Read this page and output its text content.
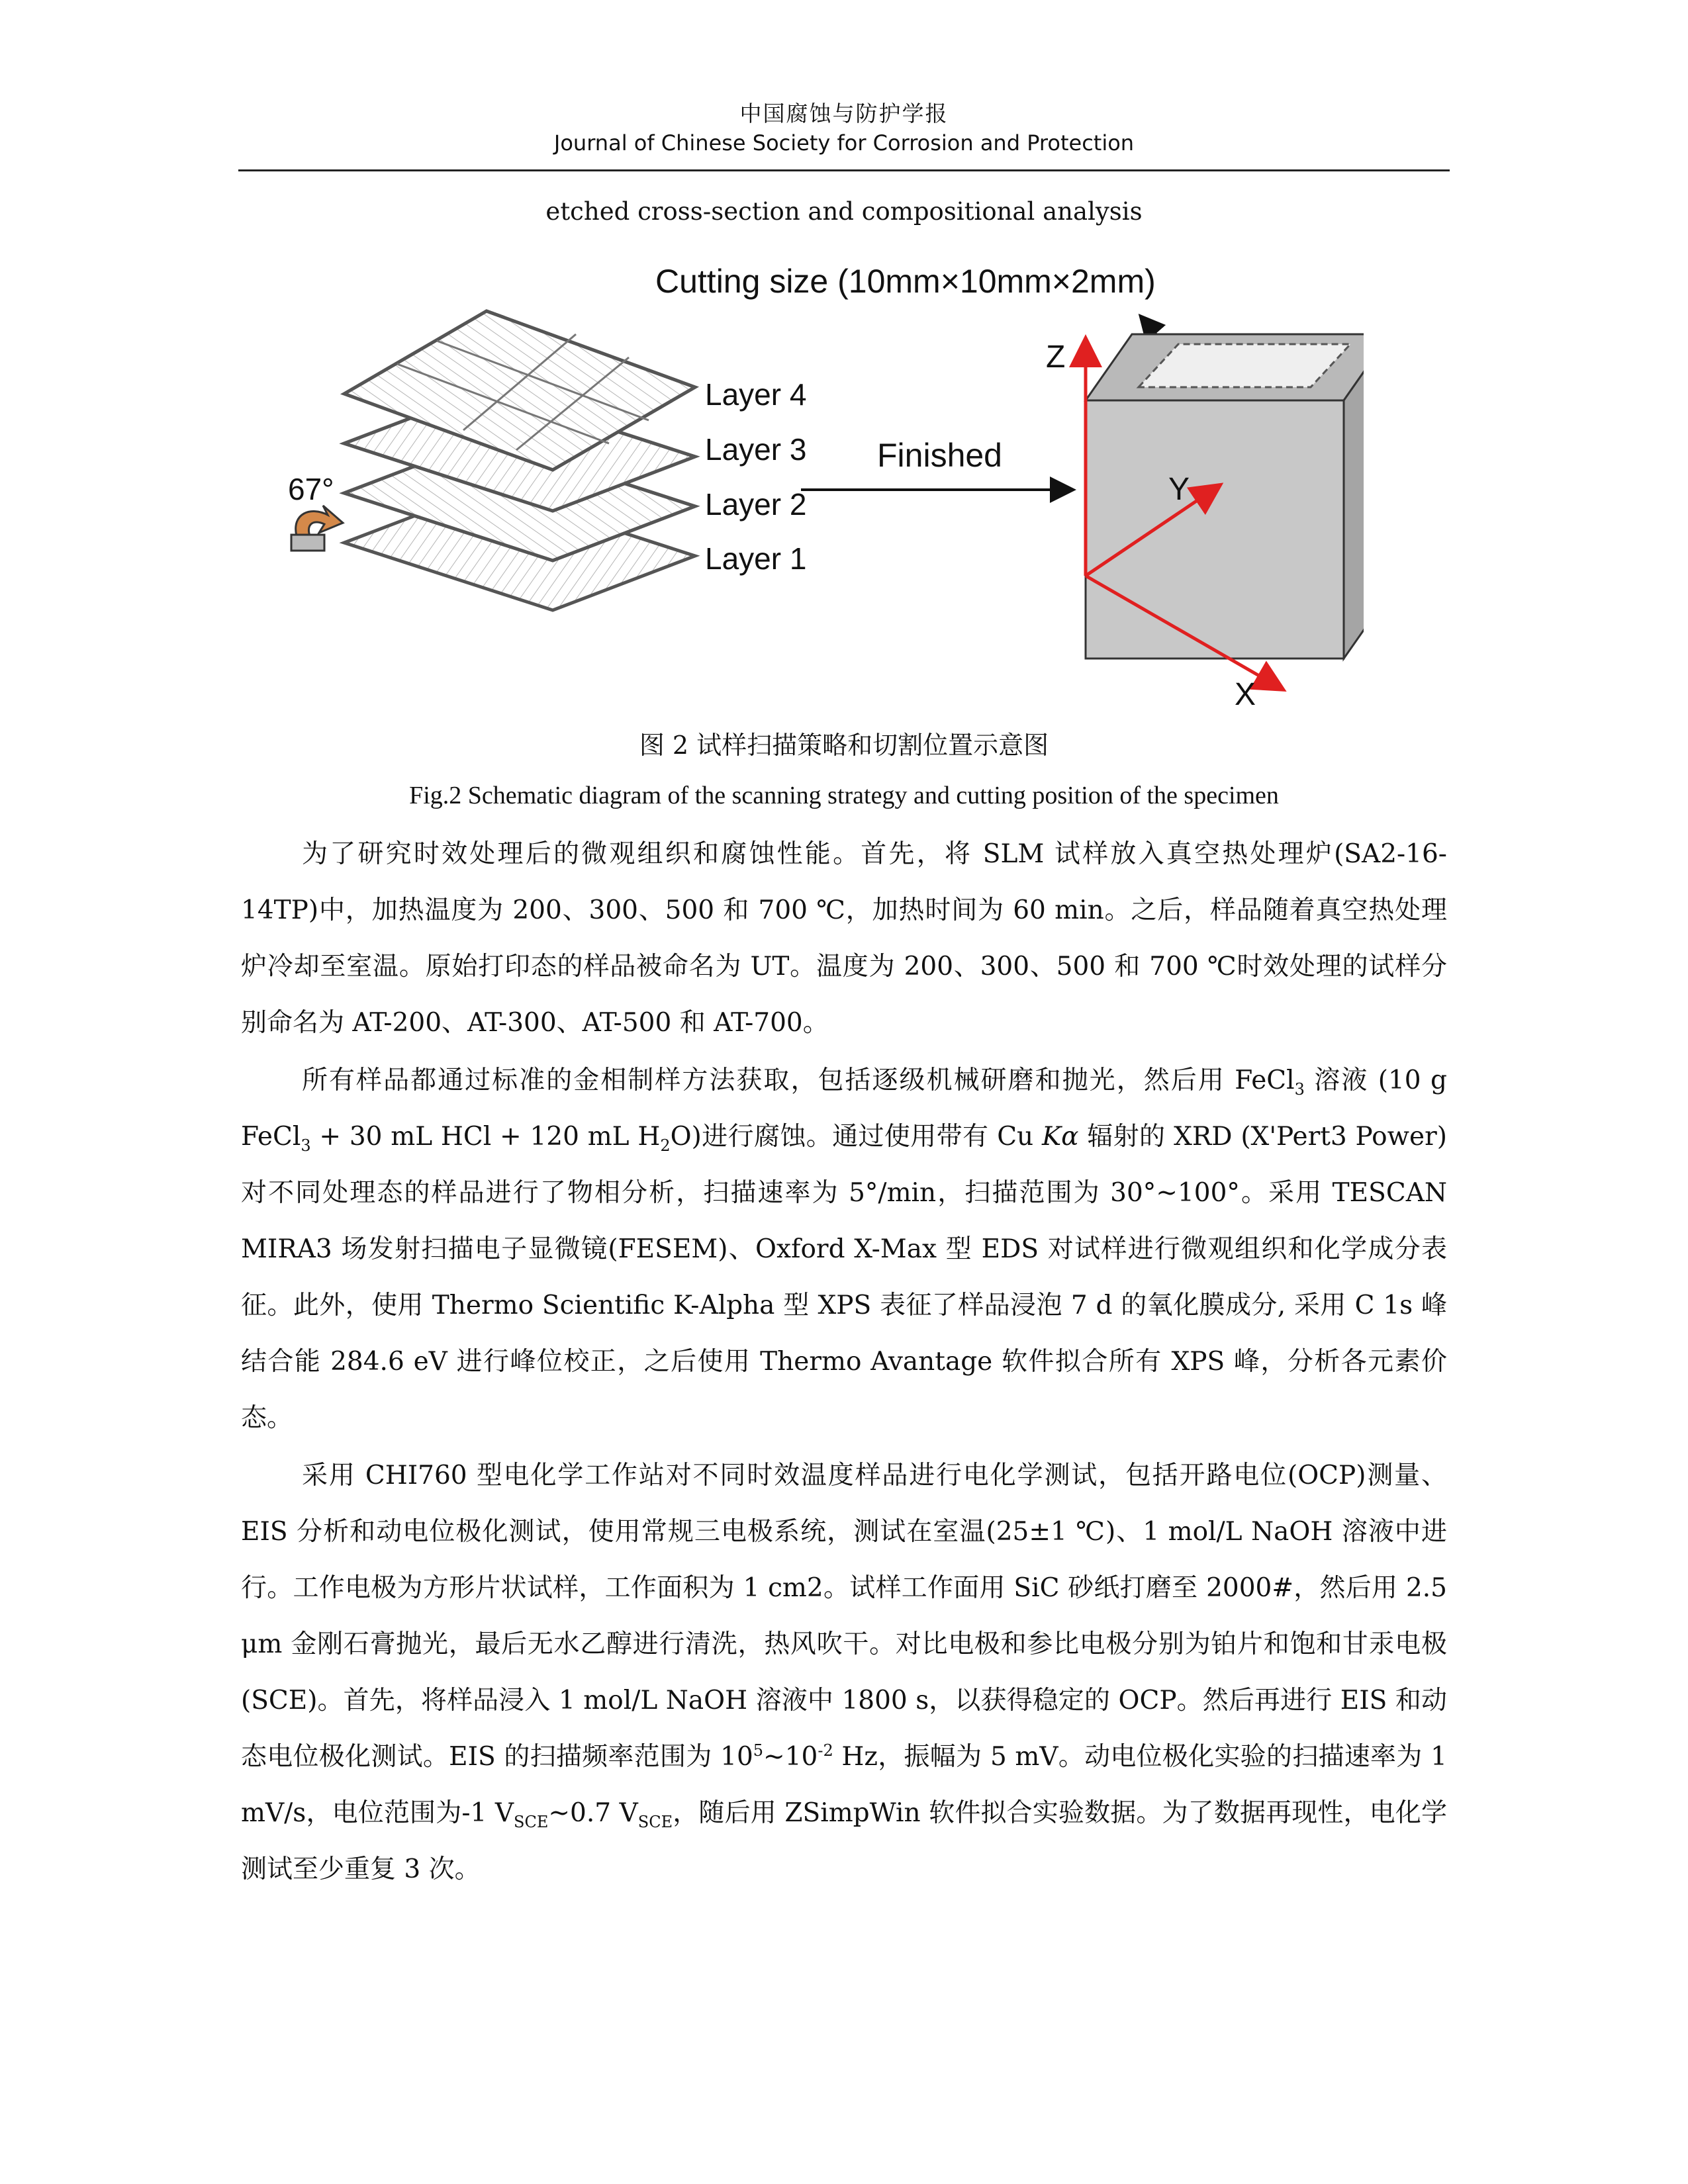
中国腐蚀与防护学报
Journal of Chinese Society for Corrosion and Protection
etched cross-section and compositional analysis
Layer 4
Layer 3
Layer 2
Layer 1
67°
Finished
Cutting size (10mm×10mm×2mm)
Z
Y
X
图 2 试样扫描策略和切割位置示意图
Fig.2 Schematic diagram of the scanning strategy and cutting position of the specimen

为了研究时效处理后的微观组织和腐蚀性能。首先，将 SLM 试样放入真空热处理炉(SA2-16-14TP)中，加热温度为 200、300、500 和 700 ℃，加热时间为 60 min。之后，样品随着真空热处理炉冷却至室温。原始打印态的样品被命名为 UT。温度为 200、300、500 和 700 ℃时效处理的试样分别命名为 AT-200、AT-300、AT-500 和 AT-700。

所有样品都通过标准的金相制样方法获取，包括逐级机械研磨和抛光，然后用 FeCl$_3$ 溶液 (10 g FeCl$_3$ + 30 mL HCl + 120 mL $H_2O$)进行腐蚀。通过使用带有 Cu Kα 辐射的 XRD (X'Pert3 Power)对不同处理态的样品进行了物相分析，扫描速率为 5°/min，扫描范围为 30°~100°。采用 TESCAN MIRA3 场发射扫描电子显微镜(FESEM)、Oxford X-Max 型 EDS 对试样进行微观组织和化学成分表征。此外，使用 Thermo Scientific K-Alpha 型 XPS 表征了样品浸泡 7 d 的氧化膜成分, 采用 C 1s 峰结合能 284.6 eV 进行峰位校正，之后使用 Thermo Avantage 软件拟合所有 XPS 峰，分析各元素价态。

采用 CHI760 型电化学工作站对不同时效温度样品进行电化学测试，包括开路电位(OCP)测量、EIS 分析和动电位极化测试，使用常规三电极系统，测试在室温(25±1 ℃)、1 mol/L NaOH 溶液中进行。工作电极为方形片状试样，工作面积为 1 cm2。试样工作面用 SiC 砂纸打磨至 2000#，然后用 2.5 μm 金刚石膏抛光，最后无水乙醇进行清洗，热风吹干。对比电极和参比电极分别为铂片和饱和甘汞电极(SCE)。首先，将样品浸入 1 mol/L NaOH 溶液中 1800 s，以获得稳定的 OCP。然后再进行 EIS 和动态电位极化测试。EIS 的扫描频率范围为 $10^5\sim 10^{-2}$ Hz，振幅为 5 mV。动电位极化实验的扫描速率为 1 mV/s，电位范围为-1 $V_{SCE}\sim 0.7$ $V_{SCE}$，随后用 ZSimpWin 软件拟合实验数据。为了数据再现性，电化学测试至少重复 3 次。
